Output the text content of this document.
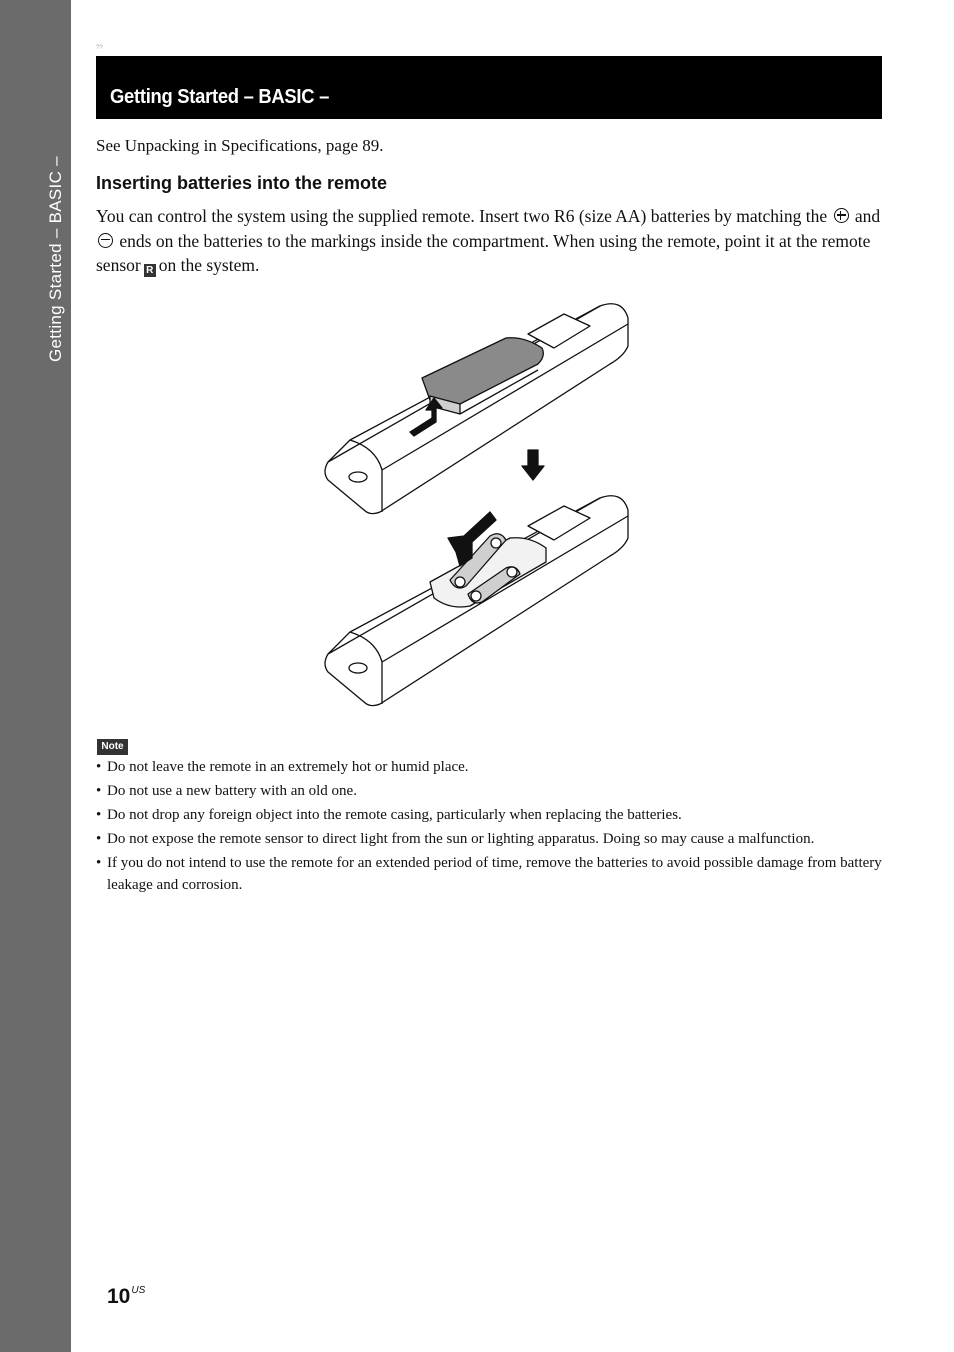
Getting Started – BASIC –
??
Getting Started – BASIC –
See Unpacking in Specifications, page 89.
Inserting batteries into the remote
You can control the system using the supplied remote. Insert two R6 (size AA) batteries by matching the and  ends on the batteries to the markings inside the compartment. When using the remote, point it at the remote sensor R on the system.
Note
• Do not leave the remote in an extremely hot or humid place.
• Do not use a new battery with an old one.
• Do not drop any foreign object into the remote casing, particularly when replacing the batteries.
• Do not expose the remote sensor to direct light from the sun or lighting apparatus. Doing so may cause a malfunction.
• If you do not intend to use the remote for an extended period of time, remove the batteries to avoid possible damage from battery leakage and corrosion.
$10^{US}$
